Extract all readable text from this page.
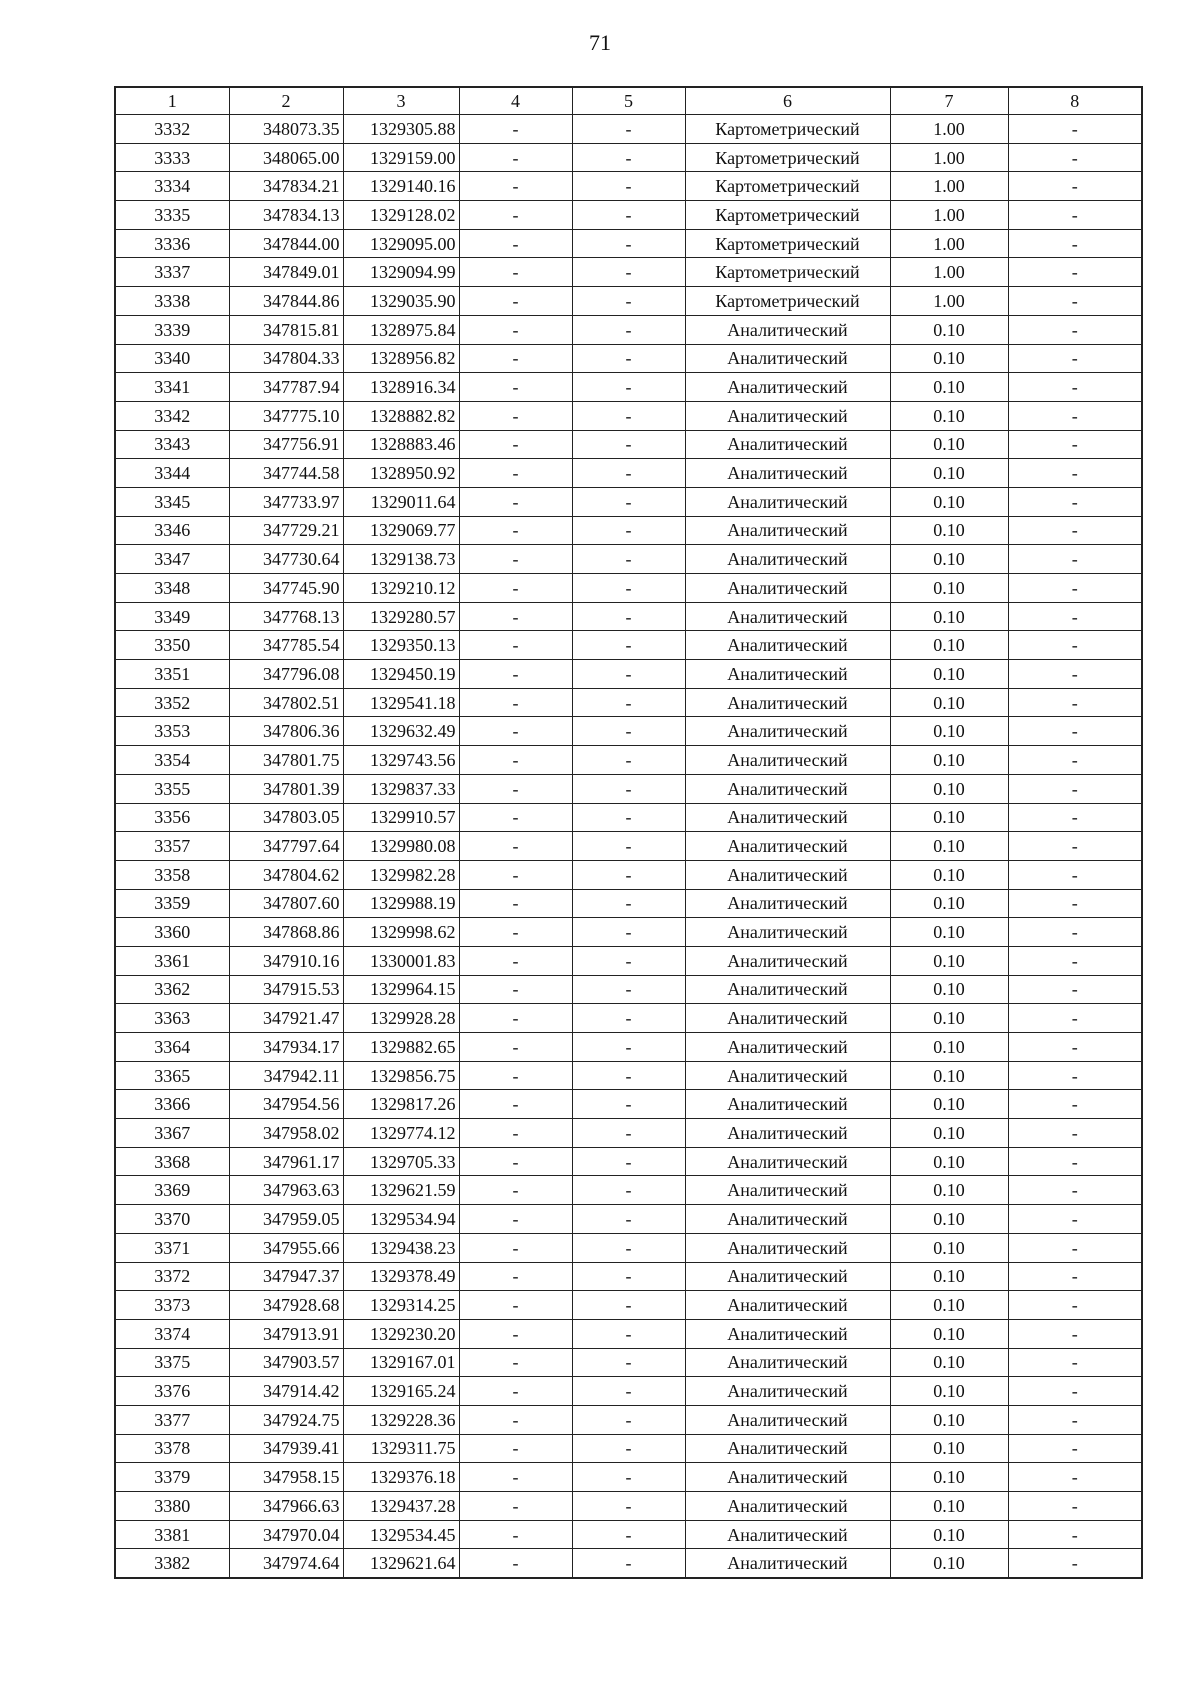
71
1	2	3	4	5	6	7	8
3332	348073.35	1329305.88	-	-	Картометрический	1.00	-
3333	348065.00	1329159.00	-	-	Картометрический	1.00	-
3334	347834.21	1329140.16	-	-	Картометрический	1.00	-
3335	347834.13	1329128.02	-	-	Картометрический	1.00	-
3336	347844.00	1329095.00	-	-	Картометрический	1.00	-
3337	347849.01	1329094.99	-	-	Картометрический	1.00	-
3338	347844.86	1329035.90	-	-	Картометрический	1.00	-
3339	347815.81	1328975.84	-	-	Аналитический	0.10	-
3340	347804.33	1328956.82	-	-	Аналитический	0.10	-
3341	347787.94	1328916.34	-	-	Аналитический	0.10	-
3342	347775.10	1328882.82	-	-	Аналитический	0.10	-
3343	347756.91	1328883.46	-	-	Аналитический	0.10	-
3344	347744.58	1328950.92	-	-	Аналитический	0.10	-
3345	347733.97	1329011.64	-	-	Аналитический	0.10	-
3346	347729.21	1329069.77	-	-	Аналитический	0.10	-
3347	347730.64	1329138.73	-	-	Аналитический	0.10	-
3348	347745.90	1329210.12	-	-	Аналитический	0.10	-
3349	347768.13	1329280.57	-	-	Аналитический	0.10	-
3350	347785.54	1329350.13	-	-	Аналитический	0.10	-
3351	347796.08	1329450.19	-	-	Аналитический	0.10	-
3352	347802.51	1329541.18	-	-	Аналитический	0.10	-
3353	347806.36	1329632.49	-	-	Аналитический	0.10	-
3354	347801.75	1329743.56	-	-	Аналитический	0.10	-
3355	347801.39	1329837.33	-	-	Аналитический	0.10	-
3356	347803.05	1329910.57	-	-	Аналитический	0.10	-
3357	347797.64	1329980.08	-	-	Аналитический	0.10	-
3358	347804.62	1329982.28	-	-	Аналитический	0.10	-
3359	347807.60	1329988.19	-	-	Аналитический	0.10	-
3360	347868.86	1329998.62	-	-	Аналитический	0.10	-
3361	347910.16	1330001.83	-	-	Аналитический	0.10	-
3362	347915.53	1329964.15	-	-	Аналитический	0.10	-
3363	347921.47	1329928.28	-	-	Аналитический	0.10	-
3364	347934.17	1329882.65	-	-	Аналитический	0.10	-
3365	347942.11	1329856.75	-	-	Аналитический	0.10	-
3366	347954.56	1329817.26	-	-	Аналитический	0.10	-
3367	347958.02	1329774.12	-	-	Аналитический	0.10	-
3368	347961.17	1329705.33	-	-	Аналитический	0.10	-
3369	347963.63	1329621.59	-	-	Аналитический	0.10	-
3370	347959.05	1329534.94	-	-	Аналитический	0.10	-
3371	347955.66	1329438.23	-	-	Аналитический	0.10	-
3372	347947.37	1329378.49	-	-	Аналитический	0.10	-
3373	347928.68	1329314.25	-	-	Аналитический	0.10	-
3374	347913.91	1329230.20	-	-	Аналитический	0.10	-
3375	347903.57	1329167.01	-	-	Аналитический	0.10	-
3376	347914.42	1329165.24	-	-	Аналитический	0.10	-
3377	347924.75	1329228.36	-	-	Аналитический	0.10	-
3378	347939.41	1329311.75	-	-	Аналитический	0.10	-
3379	347958.15	1329376.18	-	-	Аналитический	0.10	-
3380	347966.63	1329437.28	-	-	Аналитический	0.10	-
3381	347970.04	1329534.45	-	-	Аналитический	0.10	-
3382	347974.64	1329621.64	-	-	Аналитический	0.10	-
